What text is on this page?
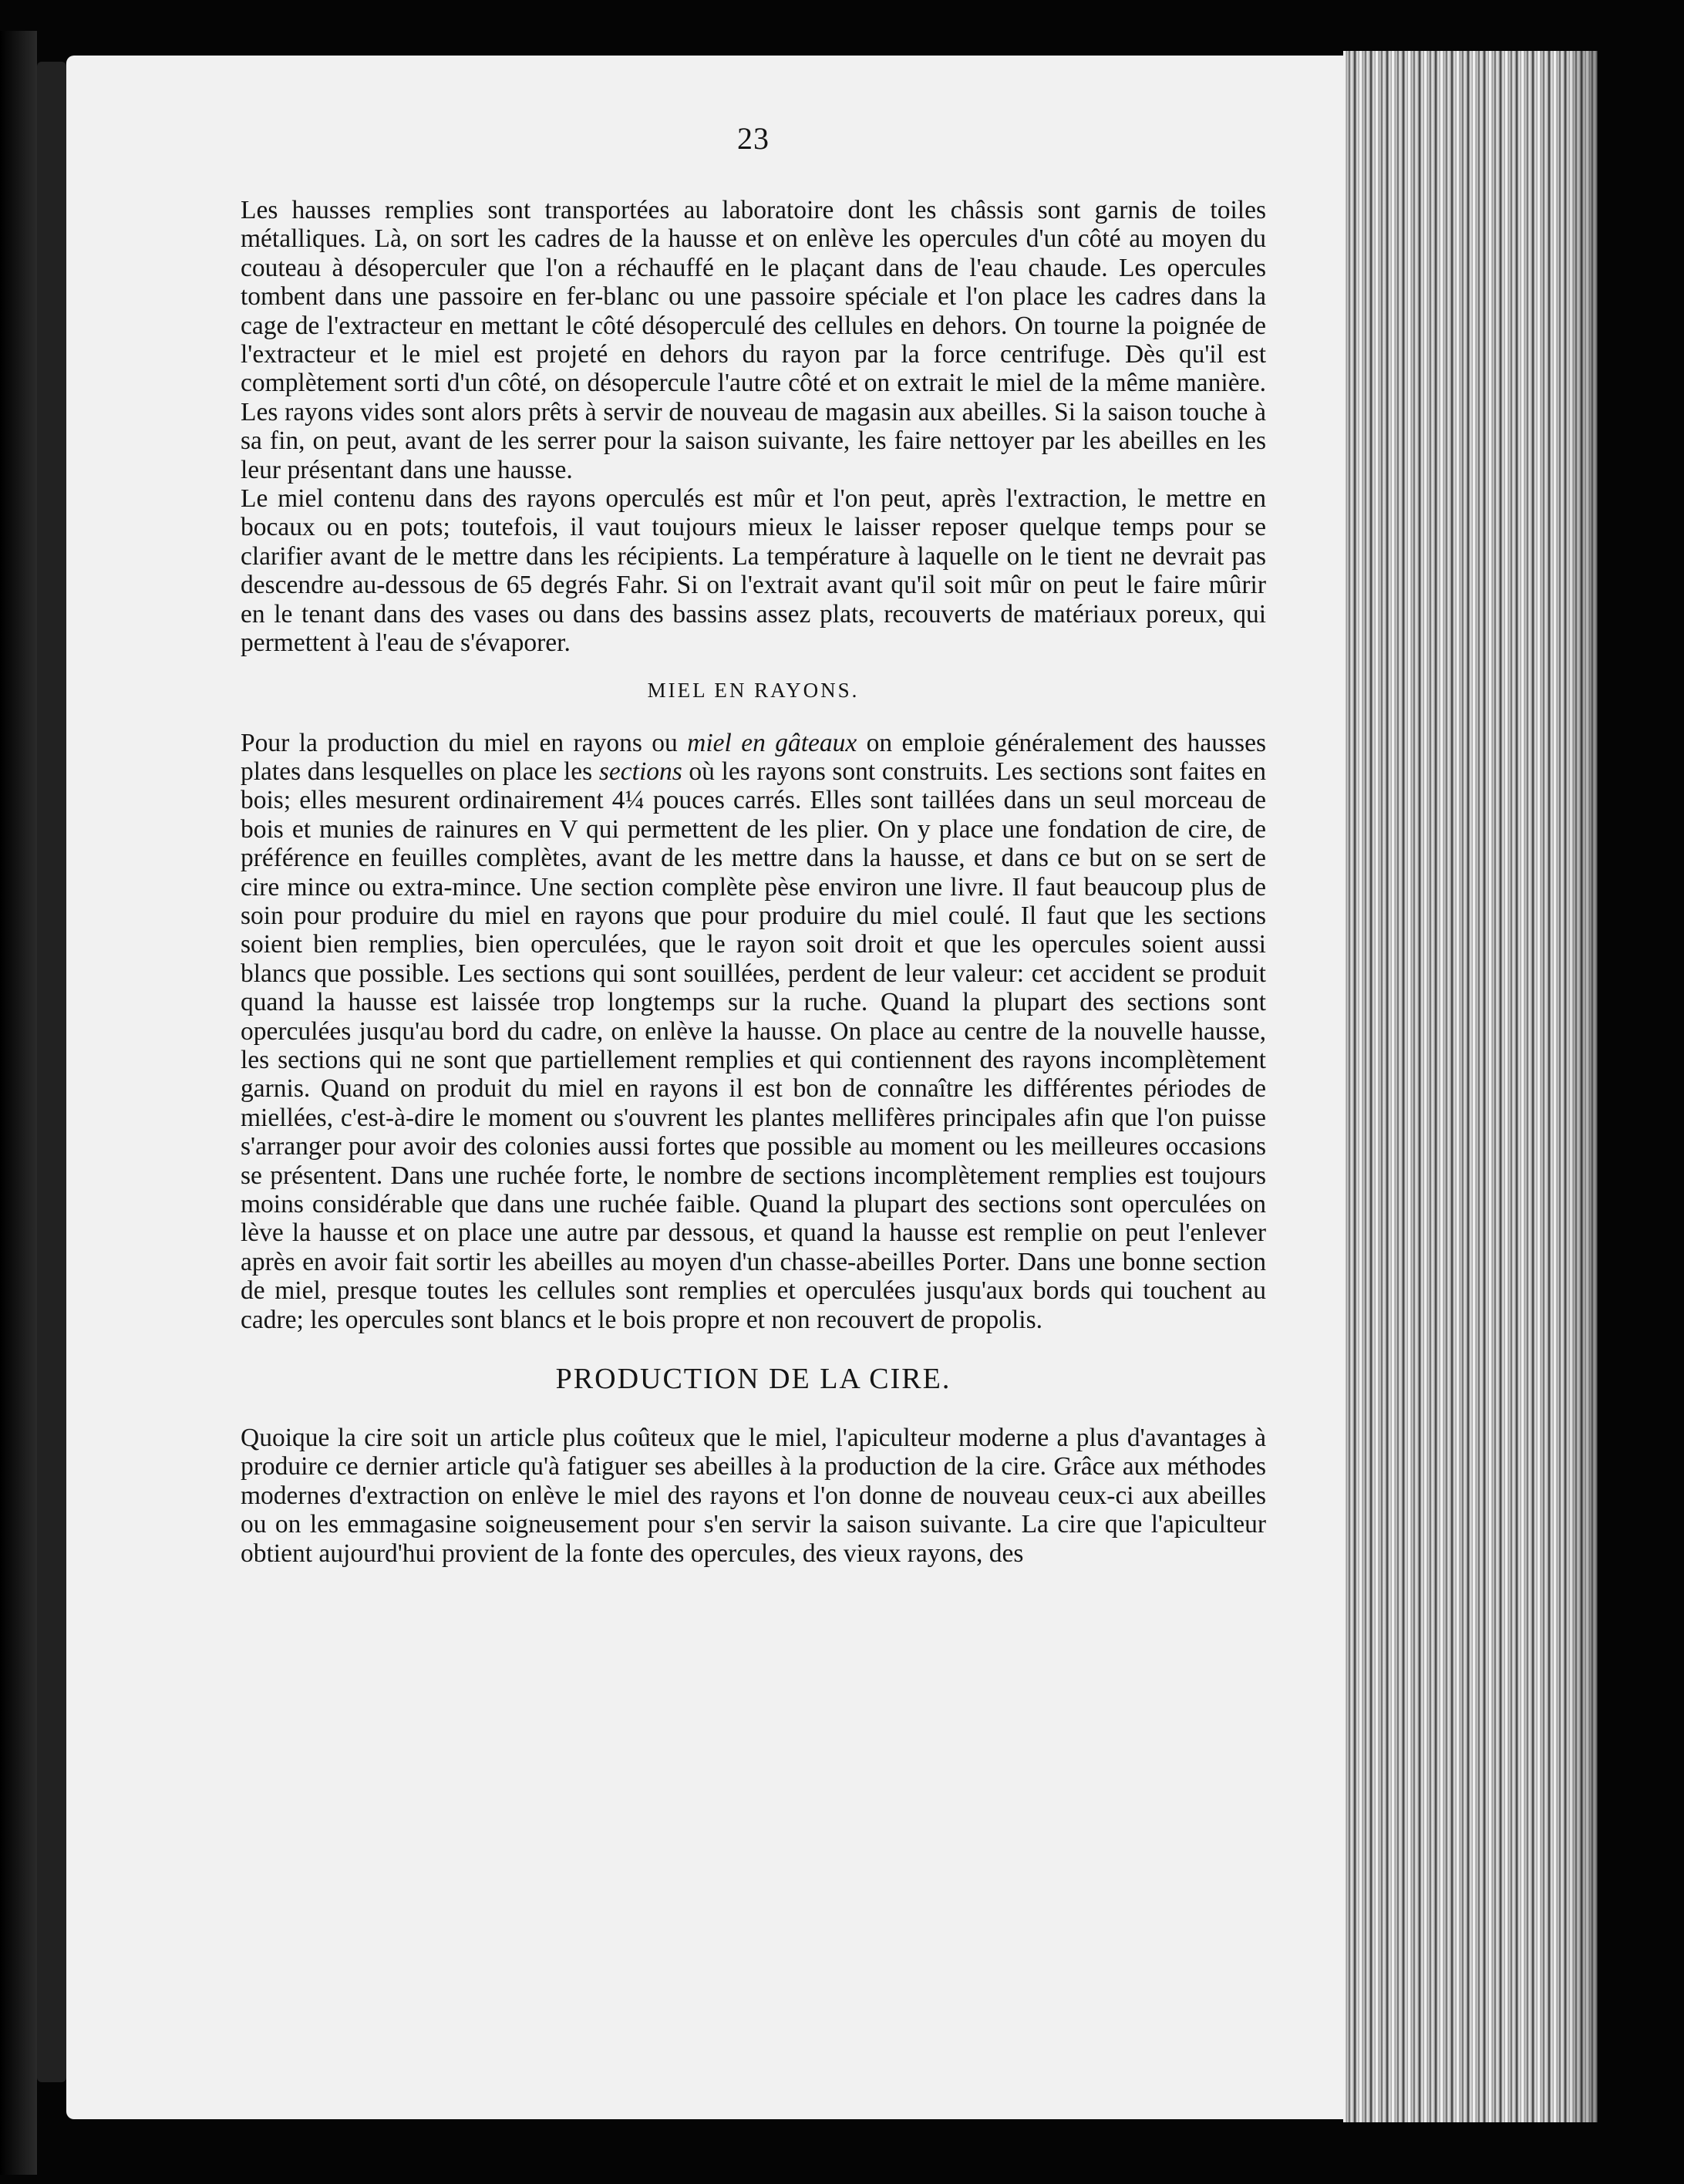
23

Les hausses remplies sont transportées au laboratoire dont les châssis sont garnis de toiles métalliques. Là, on sort les cadres de la hausse et on enlève les opercules d'un côté au moyen du couteau à désoperculer que l'on a réchauffé en le plaçant dans de l'eau chaude. Les opercules tombent dans une passoire en fer-blanc ou une passoire spéciale et l'on place les cadres dans la cage de l'extracteur en mettant le côté désoperculé des cellules en dehors. On tourne la poignée de l'extracteur et le miel est projeté en dehors du rayon par la force centrifuge. Dès qu'il est complètement sorti d'un côté, on désopercule l'autre côté et on extrait le miel de la même manière. Les rayons vides sont alors prêts à servir de nouveau de magasin aux abeilles. Si la saison touche à sa fin, on peut, avant de les serrer pour la saison suivante, les faire nettoyer par les abeilles en les leur présentant dans une hausse.

Le miel contenu dans des rayons operculés est mûr et l'on peut, après l'extraction, le mettre en bocaux ou en pots; toutefois, il vaut toujours mieux le laisser reposer quelque temps pour se clarifier avant de le mettre dans les récipients. La température à laquelle on le tient ne devrait pas descendre au-dessous de 65 degrés Fahr. Si on l'extrait avant qu'il soit mûr on peut le faire mûrir en le tenant dans des vases ou dans des bassins assez plats, recouverts de matériaux poreux, qui permettent à l'eau de s'évaporer.

MIEL EN RAYONS.

Pour la production du miel en rayons ou miel en gâteaux on emploie généralement des hausses plates dans lesquelles on place les sections où les rayons sont construits. Les sections sont faites en bois; elles mesurent ordinairement 4¼ pouces carrés. Elles sont taillées dans un seul morceau de bois et munies de rainures en V qui permettent de les plier. On y place une fondation de cire, de préférence en feuilles complètes, avant de les mettre dans la hausse, et dans ce but on se sert de cire mince ou extra-mince. Une section complète pèse environ une livre. Il faut beaucoup plus de soin pour produire du miel en rayons que pour produire du miel coulé. Il faut que les sections soient bien remplies, bien operculées, que le rayon soit droit et que les opercules soient aussi blancs que possible. Les sections qui sont souillées, perdent de leur valeur: cet accident se produit quand la hausse est laissée trop longtemps sur la ruche. Quand la plupart des sections sont operculées jusqu'au bord du cadre, on enlève la hausse. On place au centre de la nouvelle hausse, les sections qui ne sont que partiellement remplies et qui contiennent des rayons incomplètement garnis. Quand on produit du miel en rayons il est bon de connaître les différentes périodes de miellées, c'est-à-dire le moment ou s'ouvrent les plantes mellifères principales afin que l'on puisse s'arranger pour avoir des colonies aussi fortes que possible au moment ou les meilleures occasions se présentent. Dans une ruchée forte, le nombre de sections incomplètement remplies est toujours moins considérable que dans une ruchée faible. Quand la plupart des sections sont operculées on lève la hausse et on place une autre par dessous, et quand la hausse est remplie on peut l'enlever après en avoir fait sortir les abeilles au moyen d'un chasse-abeilles Porter. Dans une bonne section de miel, presque toutes les cellules sont remplies et operculées jusqu'aux bords qui touchent au cadre; les opercules sont blancs et le bois propre et non recouvert de propolis.

PRODUCTION DE LA CIRE.

Quoique la cire soit un article plus coûteux que le miel, l'apiculteur moderne a plus d'avantages à produire ce dernier article qu'à fatiguer ses abeilles à la production de la cire. Grâce aux méthodes modernes d'extraction on enlève le miel des rayons et l'on donne de nouveau ceux-ci aux abeilles ou on les emmagasine soigneusement pour s'en servir la saison suivante. La cire que l'apiculteur obtient aujourd'hui provient de la fonte des opercules, des vieux rayons, des
